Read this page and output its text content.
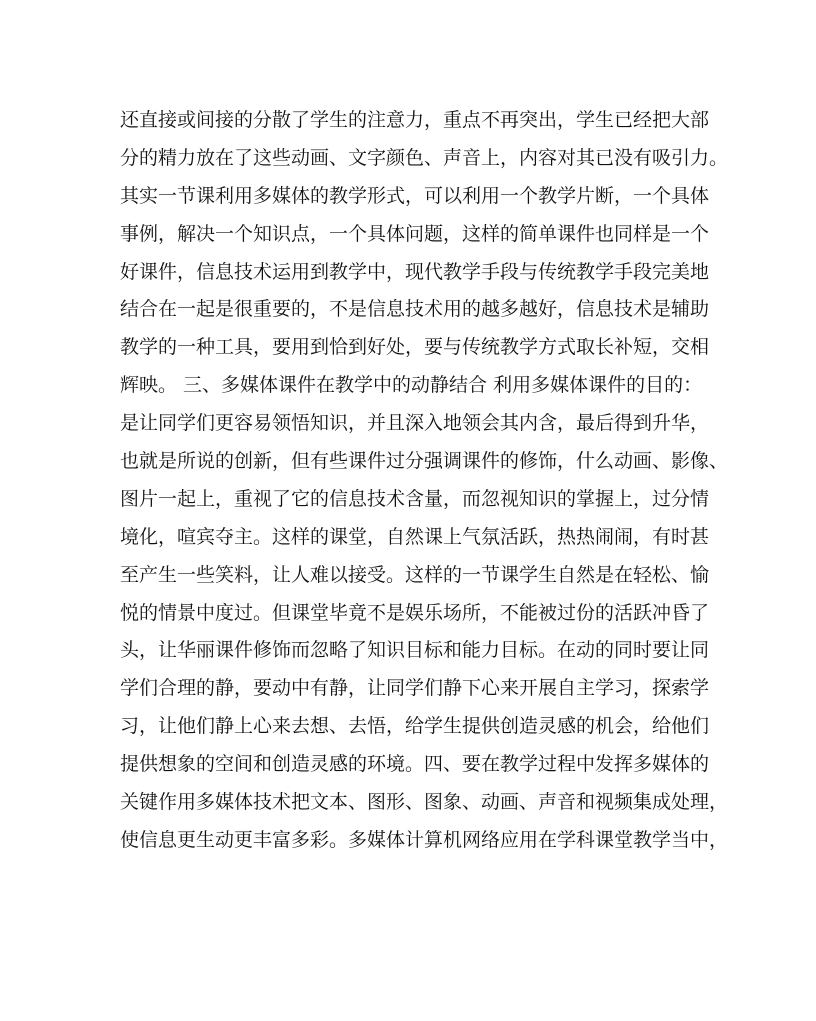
还直接或间接的分散了学生的注意力，重点不再突出，学生已经把大部
分的精力放在了这些动画、文字颜色、声音上，内容对其已没有吸引力。
其实一节课利用多媒体的教学形式，可以利用一个教学片断，一个具体
事例，解决一个知识点，一个具体问题，这样的简单课件也同样是一个
好课件，信息技术运用到教学中，现代教学手段与传统教学手段完美地
结合在一起是很重要的，不是信息技术用的越多越好，信息技术是辅助
教学的一种工具，要用到恰到好处，要与传统教学方式取长补短，交相
辉映。 三、多媒体课件在教学中的动静结合 利用多媒体课件的目的：
是让同学们更容易领悟知识，并且深入地领会其内含，最后得到升华，
也就是所说的创新，但有些课件过分强调课件的修饰，什么动画、影像、
图片一起上，重视了它的信息技术含量，而忽视知识的掌握上，过分情
境化，喧宾夺主。这样的课堂，自然课上气氛活跃，热热闹闹，有时甚
至产生一些笑料，让人难以接受。这样的一节课学生自然是在轻松、愉
悦的情景中度过。但课堂毕竟不是娱乐场所，不能被过份的活跃冲昏了
头，让华丽课件修饰而忽略了知识目标和能力目标。在动的同时要让同
学们合理的静，要动中有静，让同学们静下心来开展自主学习，探索学
习，让他们静上心来去想、去悟，给学生提供创造灵感的机会，给他们
提供想象的空间和创造灵感的环境。四、要在教学过程中发挥多媒体的
关键作用多媒体技术把文本、图形、图象、动画、声音和视频集成处理，
使信息更生动更丰富多彩。多媒体计算机网络应用在学科课堂教学当中，
